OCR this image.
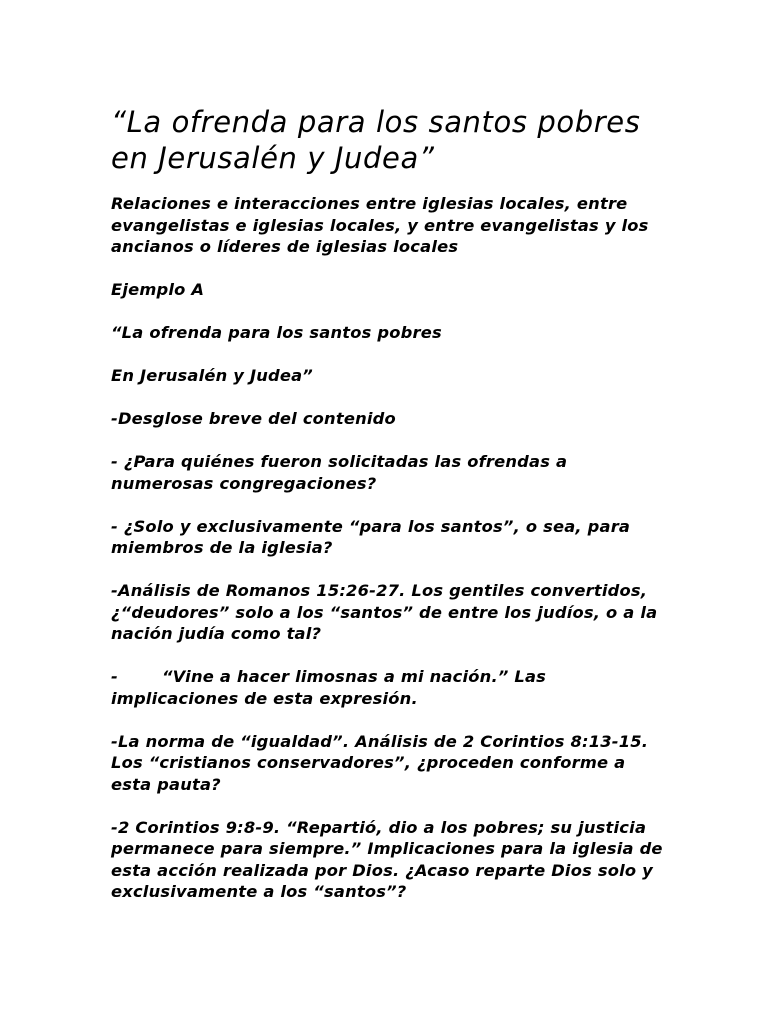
“La ofrenda para los santos pobres en Jerusalén y Judea”

Relaciones e interacciones entre iglesias locales, entre evangelistas e iglesias locales, y entre evangelistas y los ancianos o líderes de iglesias locales

Ejemplo A

“La ofrenda para los santos pobres

En Jerusalén y Judea”

-Desglose breve del contenido

- ¿Para quiénes fueron solicitadas las ofrendas a numerosas congregaciones?

- ¿Solo y exclusivamente “para los santos”, o sea, para miembros de la iglesia?

-Análisis de Romanos 15:26-27. Los gentiles convertidos, ¿“deudores” solo a los “santos” de entre los judíos, o a la nación judía como tal?

-	“Vine a hacer limosnas a mi nación.” Las implicaciones de esta expresión.

-La norma de “igualdad”. Análisis de 2 Corintios 8:13-15. Los “cristianos conservadores”, ¿proceden conforme a esta pauta?

-2 Corintios 9:8-9. “Repartió, dio a los pobres; su justicia permanece para siempre.” Implicaciones para la iglesia de esta acción realizada por Dios. ¿Acaso reparte Dios solo y exclusivamente a los “santos”?
